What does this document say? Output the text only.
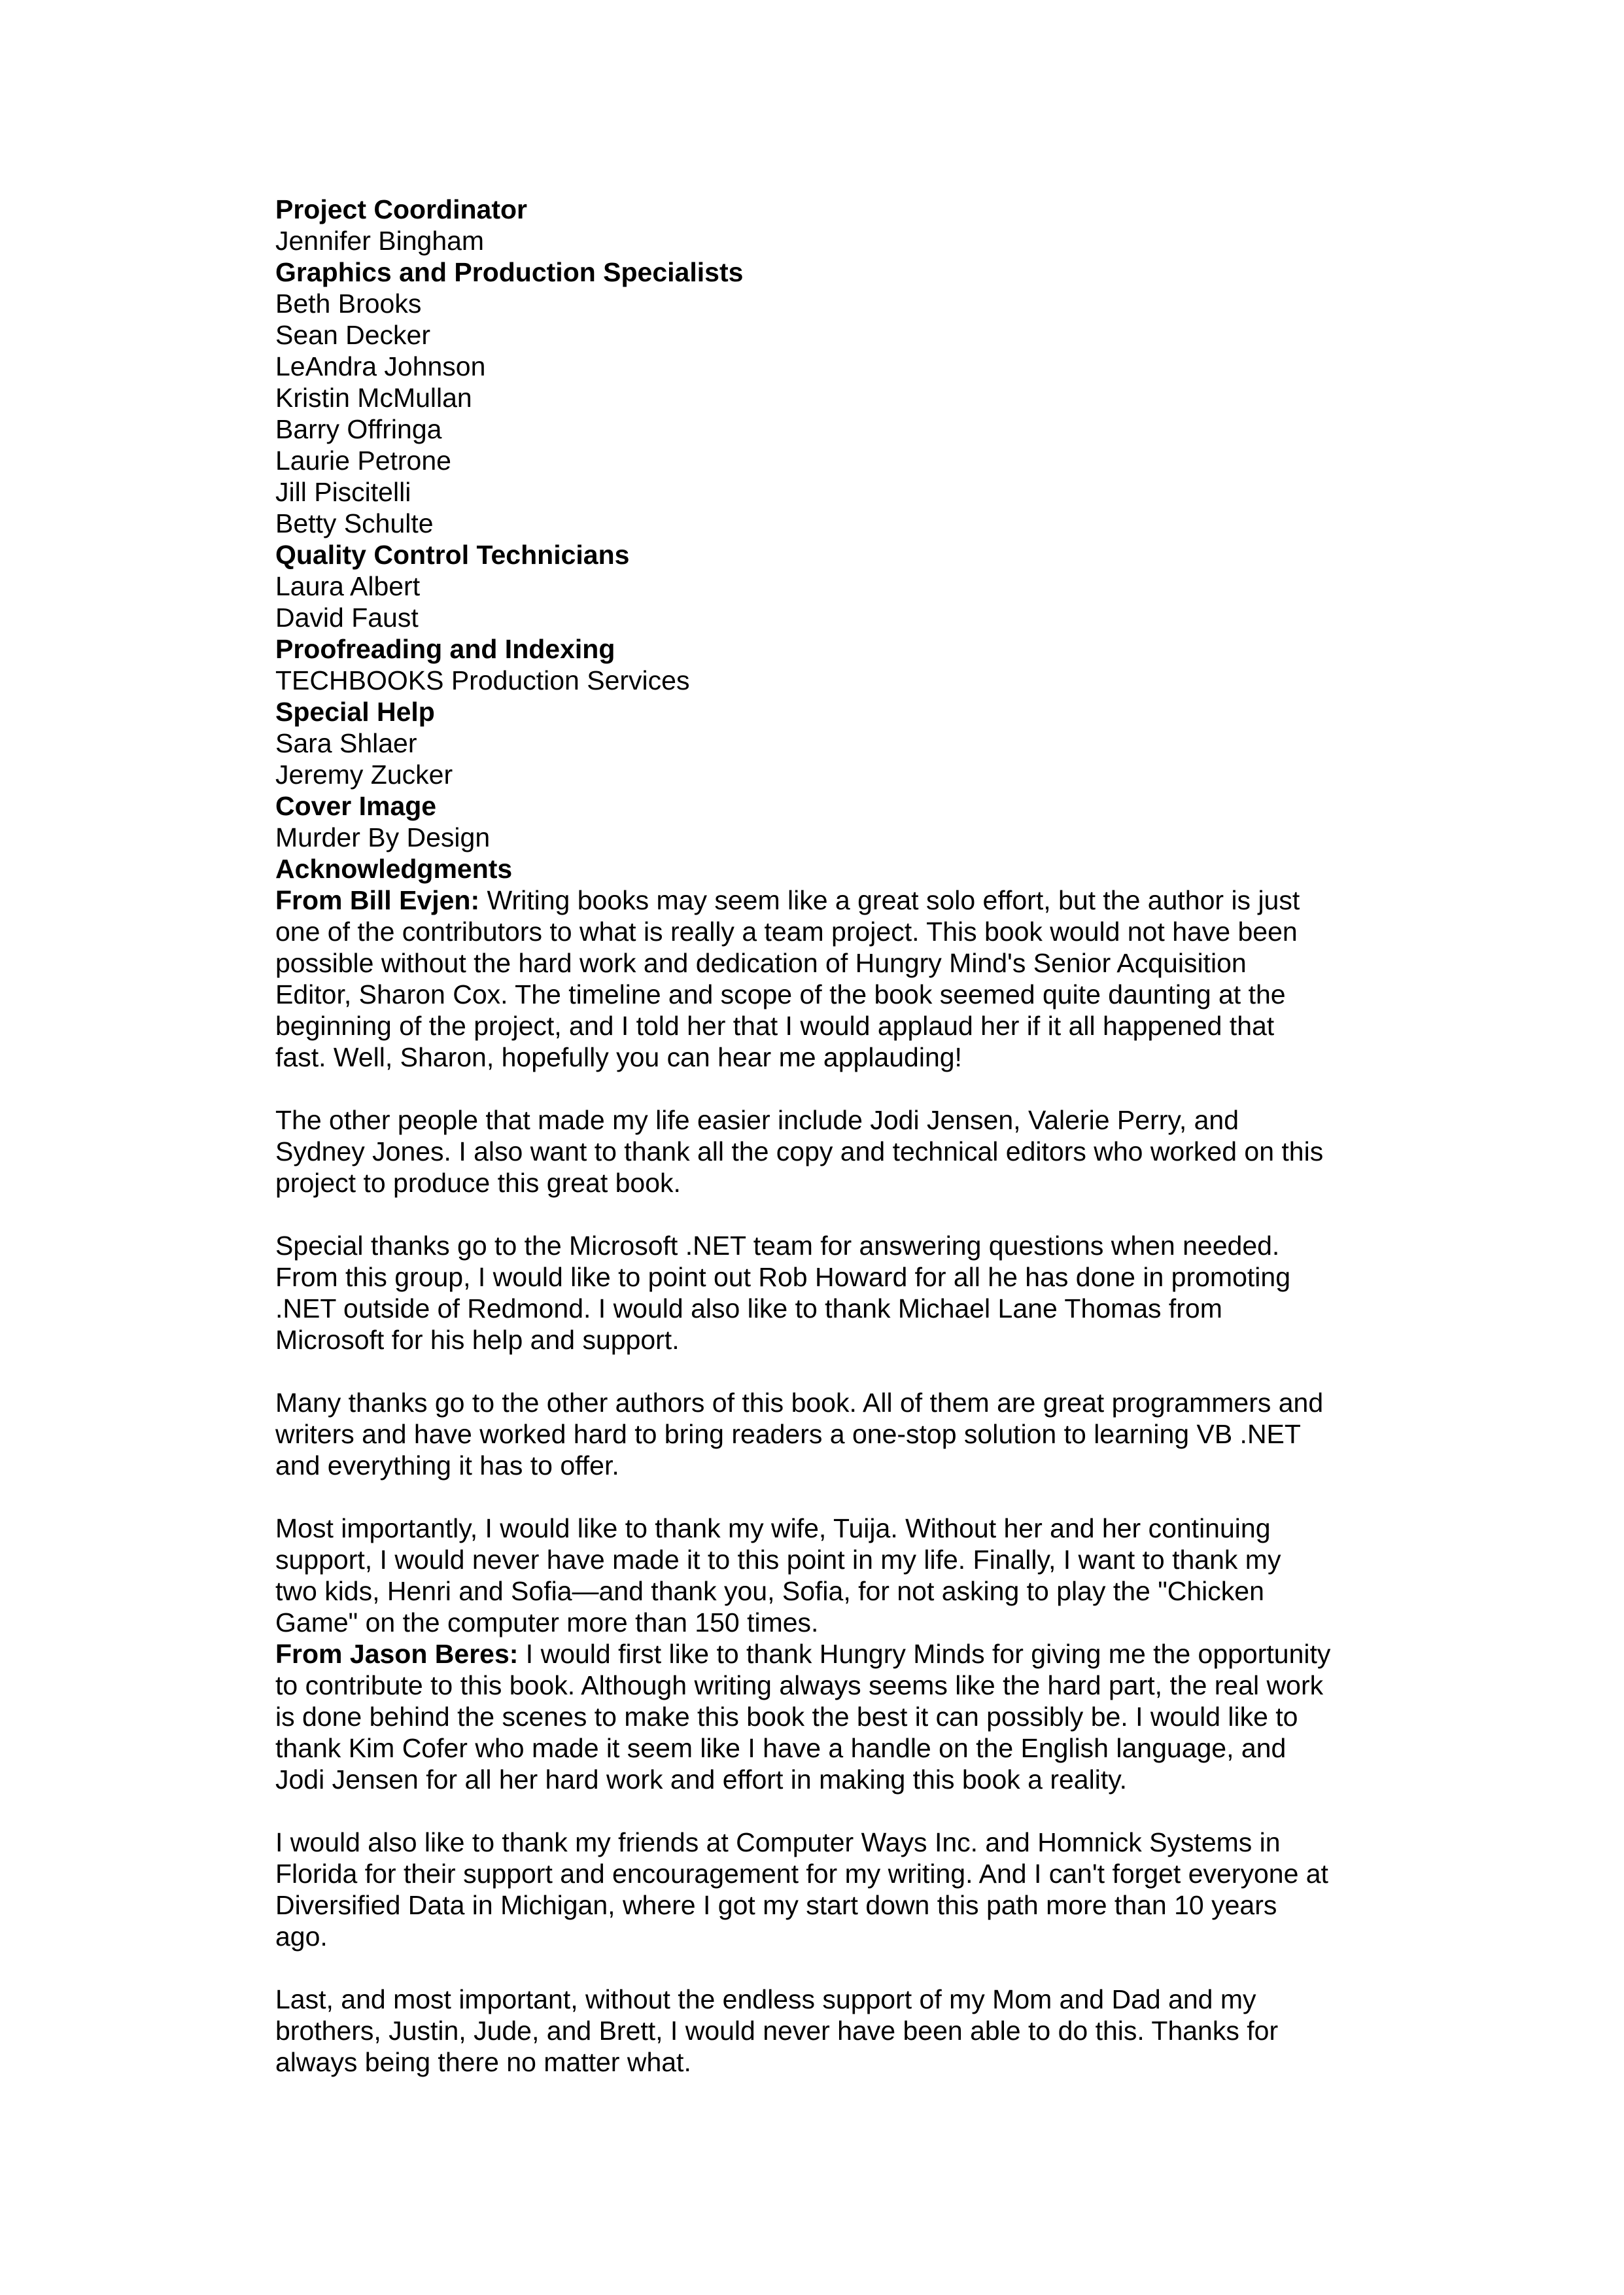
Project Coordinator
Jennifer Bingham
Graphics and Production Specialists
Beth Brooks
Sean Decker
LeAndra Johnson
Kristin McMullan
Barry Offringa
Laurie Petrone
Jill Piscitelli
Betty Schulte
Quality Control Technicians
Laura Albert
David Faust
Proofreading and Indexing
TECHBOOKS Production Services
Special Help
Sara Shlaer
Jeremy Zucker
Cover Image
Murder By Design
Acknowledgments
From Bill Evjen: Writing books may seem like a great solo effort, but the author is just
one of the contributors to what is really a team project. This book would not have been
possible without the hard work and dedication of Hungry Mind's Senior Acquisition
Editor, Sharon Cox. The timeline and scope of the book seemed quite daunting at the
beginning of the project, and I told her that I would applaud her if it all happened that
fast. Well, Sharon, hopefully you can hear me applauding!
The other people that made my life easier include Jodi Jensen, Valerie Perry, and
Sydney Jones. I also want to thank all the copy and technical editors who worked on this
project to produce this great book.
Special thanks go to the Microsoft .NET team for answering questions when needed.
From this group, I would like to point out Rob Howard for all he has done in promoting
.NET outside of Redmond. I would also like to thank Michael Lane Thomas from
Microsoft for his help and support.
Many thanks go to the other authors of this book. All of them are great programmers and
writers and have worked hard to bring readers a one-stop solution to learning VB .NET
and everything it has to offer.
Most importantly, I would like to thank my wife, Tuija. Without her and her continuing
support, I would never have made it to this point in my life. Finally, I want to thank my
two kids, Henri and Sofia—and thank you, Sofia, for not asking to play the "Chicken
Game" on the computer more than 150 times.
From Jason Beres: I would first like to thank Hungry Minds for giving me the opportunity
to contribute to this book. Although writing always seems like the hard part, the real work
is done behind the scenes to make this book the best it can possibly be. I would like to
thank Kim Cofer who made it seem like I have a handle on the English language, and
Jodi Jensen for all her hard work and effort in making this book a reality.
I would also like to thank my friends at Computer Ways Inc. and Homnick Systems in
Florida for their support and encouragement for my writing. And I can't forget everyone at
Diversified Data in Michigan, where I got my start down this path more than 10 years
ago.
Last, and most important, without the endless support of my Mom and Dad and my
brothers, Justin, Jude, and Brett, I would never have been able to do this. Thanks for
always being there no matter what.
